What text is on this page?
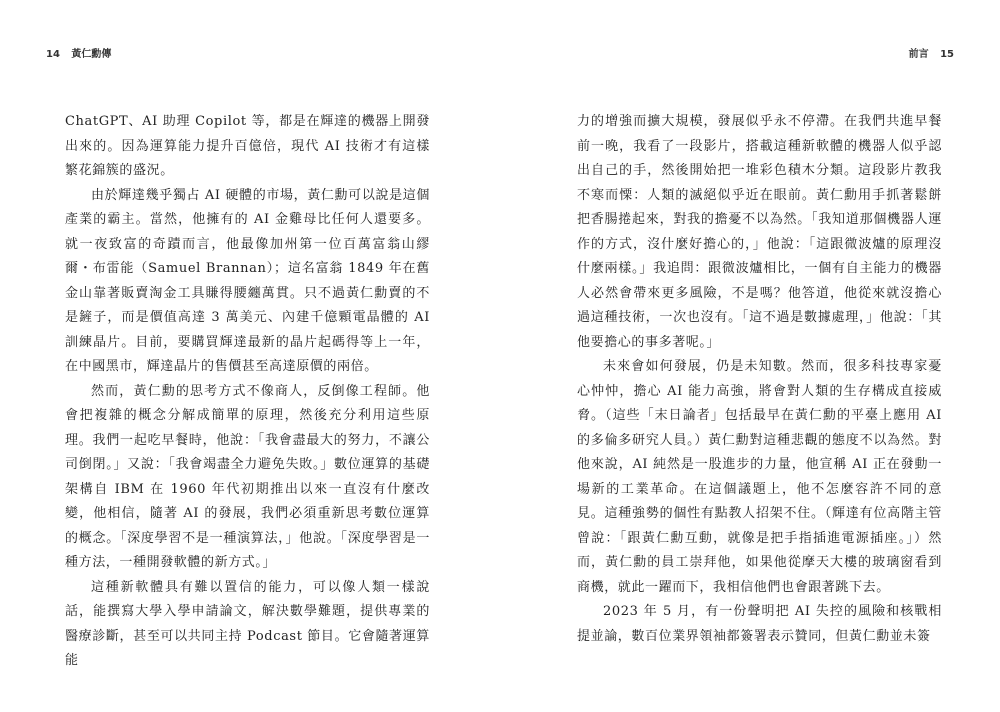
14 黃仁勳傳

ChatGPT、AI 助理 Copilot 等，都是在輝達的機器上開發出來的。因為運算能力提升百億倍，現代 AI 技術才有這樣繁花錦簇的盛況。

由於輝達幾乎獨占 AI 硬體的市場，黃仁勳可以說是這個產業的霸主。當然，他擁有的 AI 金雞母比任何人還要多。就一夜致富的奇蹟而言，他最像加州第一位百萬富翁山繆爾・布雷能（Samuel Brannan）；這名富翁 1849 年在舊金山靠著販賣淘金工具賺得腰纏萬貫。只不過黃仁勳賣的不是鏟子，而是價值高達 3 萬美元、內建千億顆電晶體的 AI 訓練晶片。目前，要購買輝達最新的晶片起碼得等上一年，在中國黑市，輝達晶片的售價甚至高達原價的兩倍。

然而，黃仁勳的思考方式不像商人，反倒像工程師。他會把複雜的概念分解成簡單的原理，然後充分利用這些原理。我們一起吃早餐時，他說：「我會盡最大的努力，不讓公司倒閉。」又說：「我會竭盡全力避免失敗。」數位運算的基礎架構自 IBM 在 1960 年代初期推出以來一直沒有什麼改變，他相信，隨著 AI 的發展，我們必須重新思考數位運算的概念。「深度學習不是一種演算法，」他說。「深度學習是一種方法，一種開發軟體的新方式。」

這種新軟體具有難以置信的能力，可以像人類一樣說話，能撰寫大學入學申請論文，解決數學難題，提供專業的醫療診斷，甚至可以共同主持 Podcast 節目。它會隨著運算能

前言 15

力的增強而擴大規模，發展似乎永不停滯。在我們共進早餐前一晚，我看了一段影片，搭載這種新軟體的機器人似乎認出自己的手，然後開始把一堆彩色積木分類。這段影片教我不寒而慄：人類的滅絕似乎近在眼前。黃仁勳用手抓著鬆餅把香腸捲起來，對我的擔憂不以為然。「我知道那個機器人運作的方式，沒什麼好擔心的，」他說：「這跟微波爐的原理沒什麼兩樣。」我追問：跟微波爐相比，一個有自主能力的機器人必然會帶來更多風險，不是嗎？他答道，他從來就沒擔心過這種技術，一次也沒有。「這不過是數據處理，」他說：「其他要擔心的事多著呢。」

未來會如何發展，仍是未知數。然而，很多科技專家憂心忡忡，擔心 AI 能力高強，將會對人類的生存構成直接威脅。（這些「末日論者」包括最早在黃仁勳的平臺上應用 AI 的多倫多研究人員。）黃仁勳對這種悲觀的態度不以為然。對他來說，AI 純然是一股進步的力量，他宣稱 AI 正在發動一場新的工業革命。在這個議題上，他不怎麼容許不同的意見。這種強勢的個性有點教人招架不住。（輝達有位高階主管曾說：「跟黃仁勳互動，就像是把手指插進電源插座。」）然而，黃仁勳的員工崇拜他，如果他從摩天大樓的玻璃窗看到商機，就此一躍而下，我相信他們也會跟著跳下去。

2023 年 5 月，有一份聲明把 AI 失控的風險和核戰相提並論，數百位業界領袖都簽署表示贊同，但黃仁勳並未簽
